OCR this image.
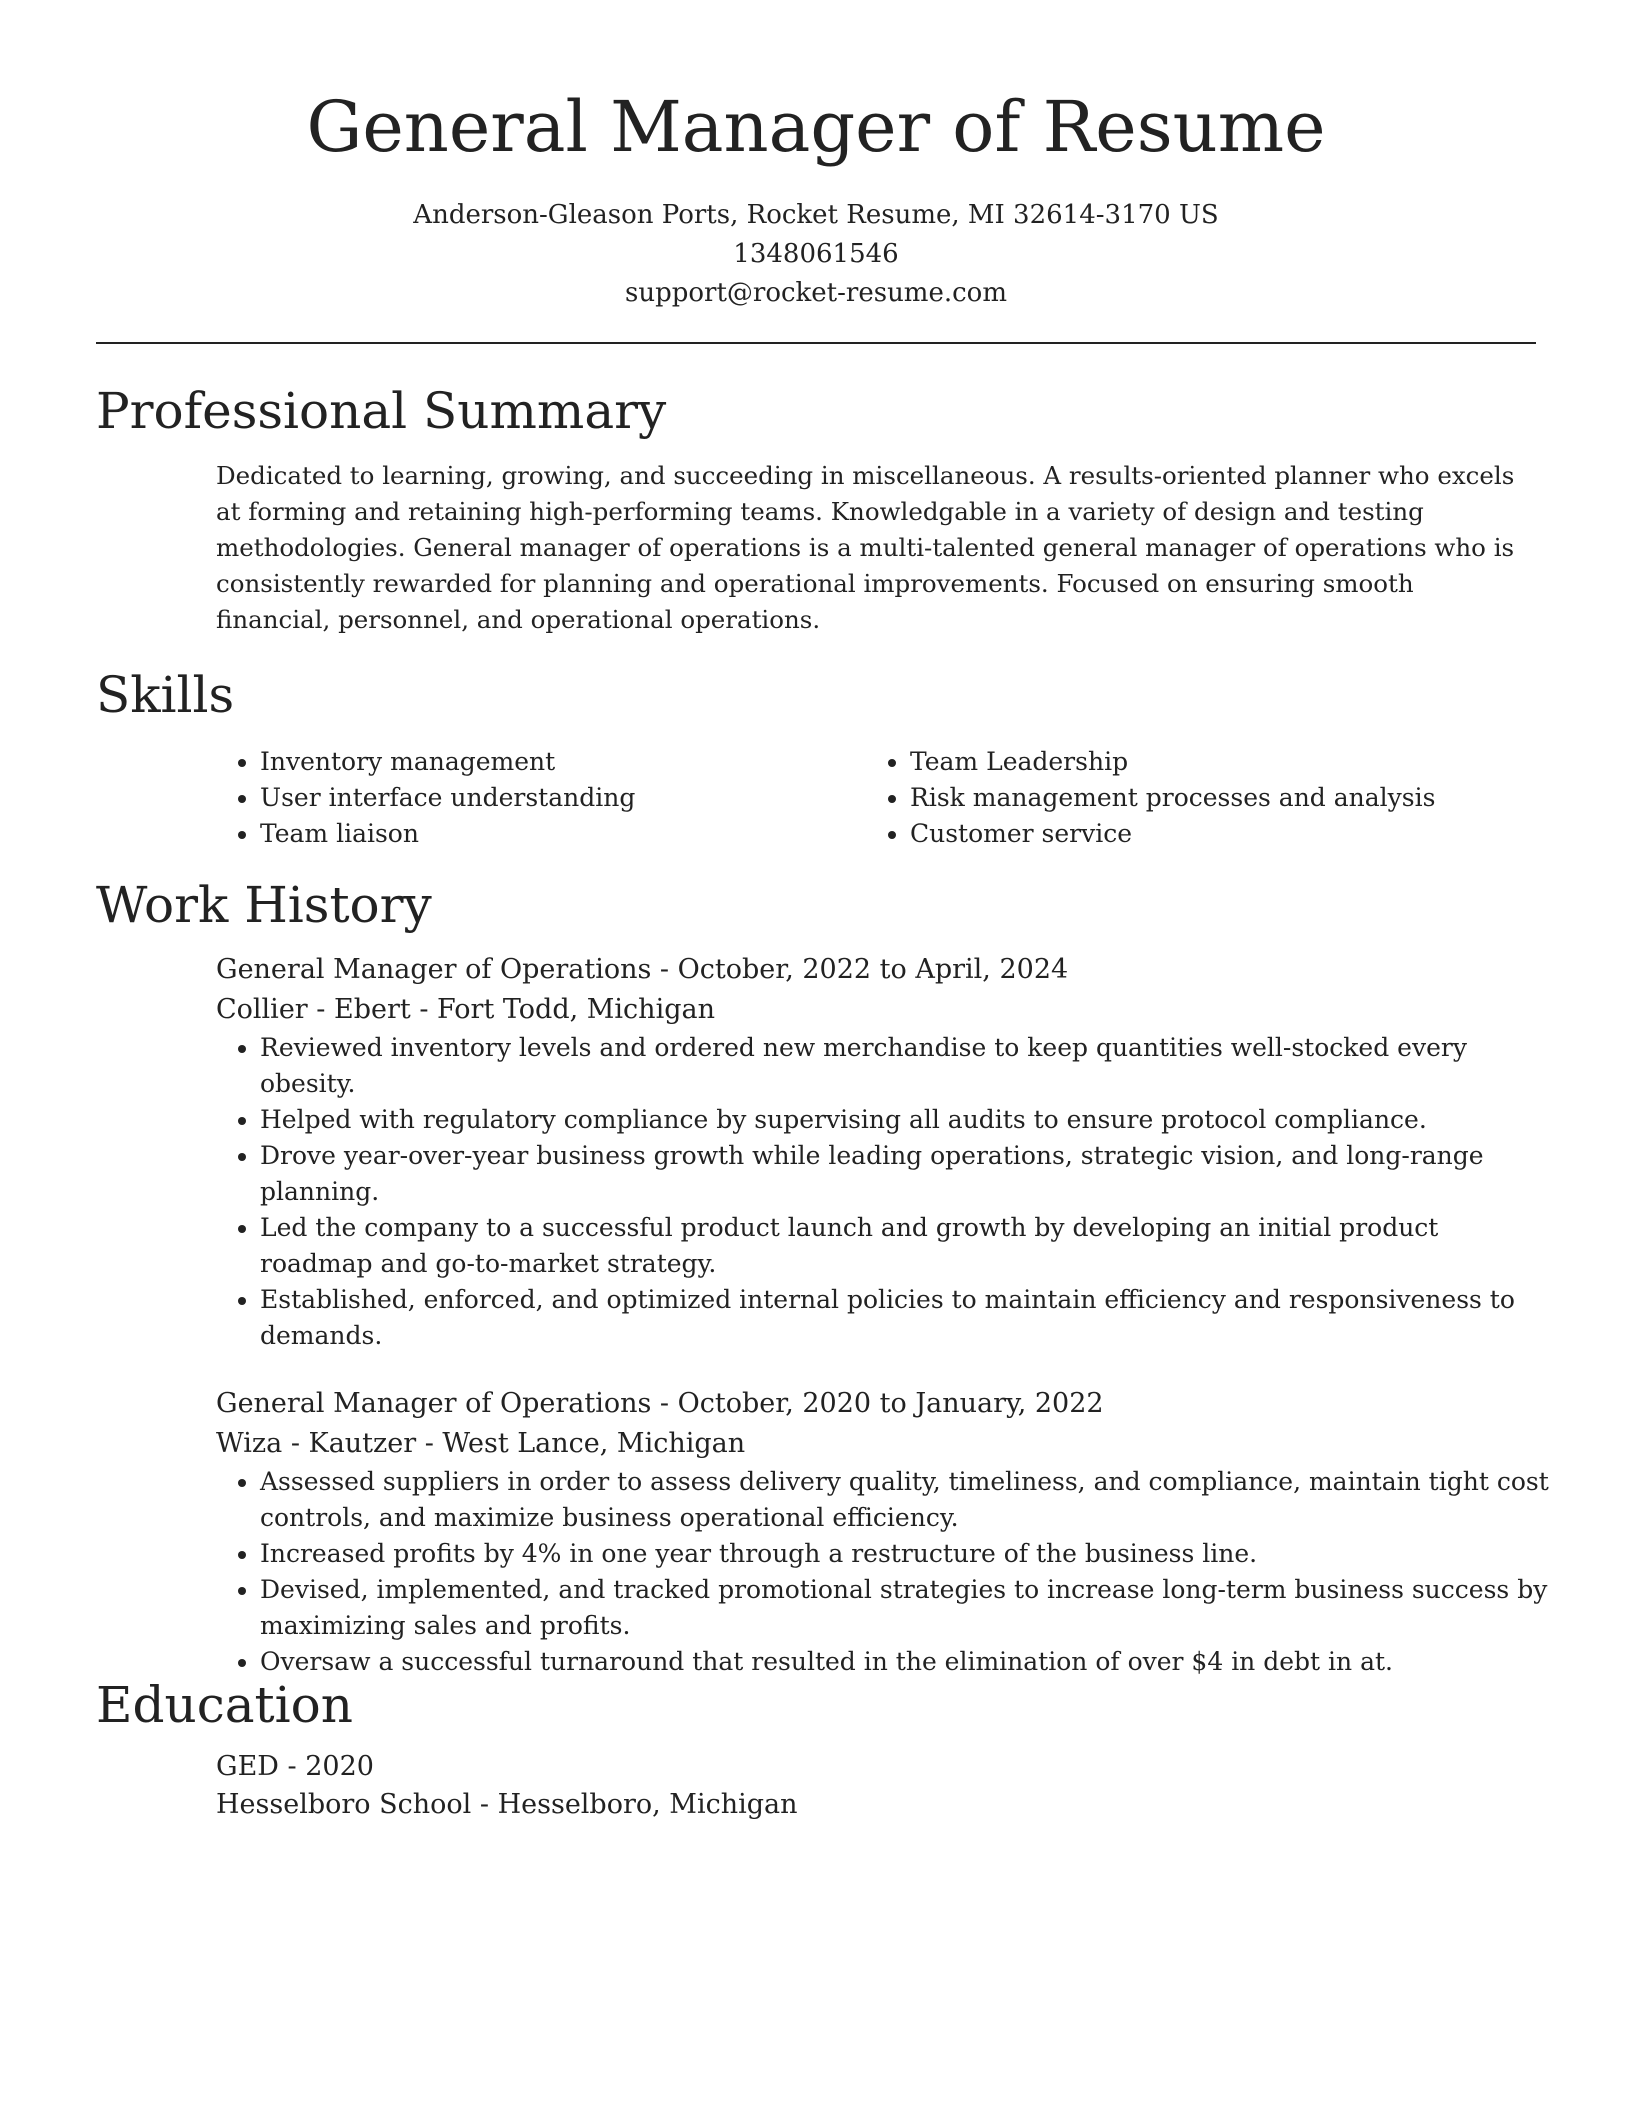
General Manager of Resume
Anderson-Gleason Ports, Rocket Resume, MI 32614-3170 US
1348061546
support@rocket-resume.com
Professional Summary
Dedicated to learning, growing, and succeeding in miscellaneous. A results-oriented planner who excels at forming and retaining high-performing teams. Knowledgable in a variety of design and testing methodologies. General manager of operations is a multi-talented general manager of operations who is consistently rewarded for planning and operational improvements. Focused on ensuring smooth financial, personnel, and operational operations.
Skills
• Inventory management
• User interface understanding
• Team liaison
• Team Leadership
• Risk management processes and analysis
• Customer service
Work History
General Manager of Operations - October, 2022 to April, 2024
Collier - Ebert - Fort Todd, Michigan
• Reviewed inventory levels and ordered new merchandise to keep quantities well-stocked every obesity.
• Helped with regulatory compliance by supervising all audits to ensure protocol compliance.
• Drove year-over-year business growth while leading operations, strategic vision, and long-range planning.
• Led the company to a successful product launch and growth by developing an initial product roadmap and go-to-market strategy.
• Established, enforced, and optimized internal policies to maintain efficiency and responsiveness to demands.
General Manager of Operations - October, 2020 to January, 2022
Wiza - Kautzer - West Lance, Michigan
• Assessed suppliers in order to assess delivery quality, timeliness, and compliance, maintain tight cost controls, and maximize business operational efficiency.
• Increased profits by 4% in one year through a restructure of the business line.
• Devised, implemented, and tracked promotional strategies to increase long-term business success by maximizing sales and profits.
• Oversaw a successful turnaround that resulted in the elimination of over $4 in debt in at.
Education
GED - 2020
Hesselboro School - Hesselboro, Michigan
